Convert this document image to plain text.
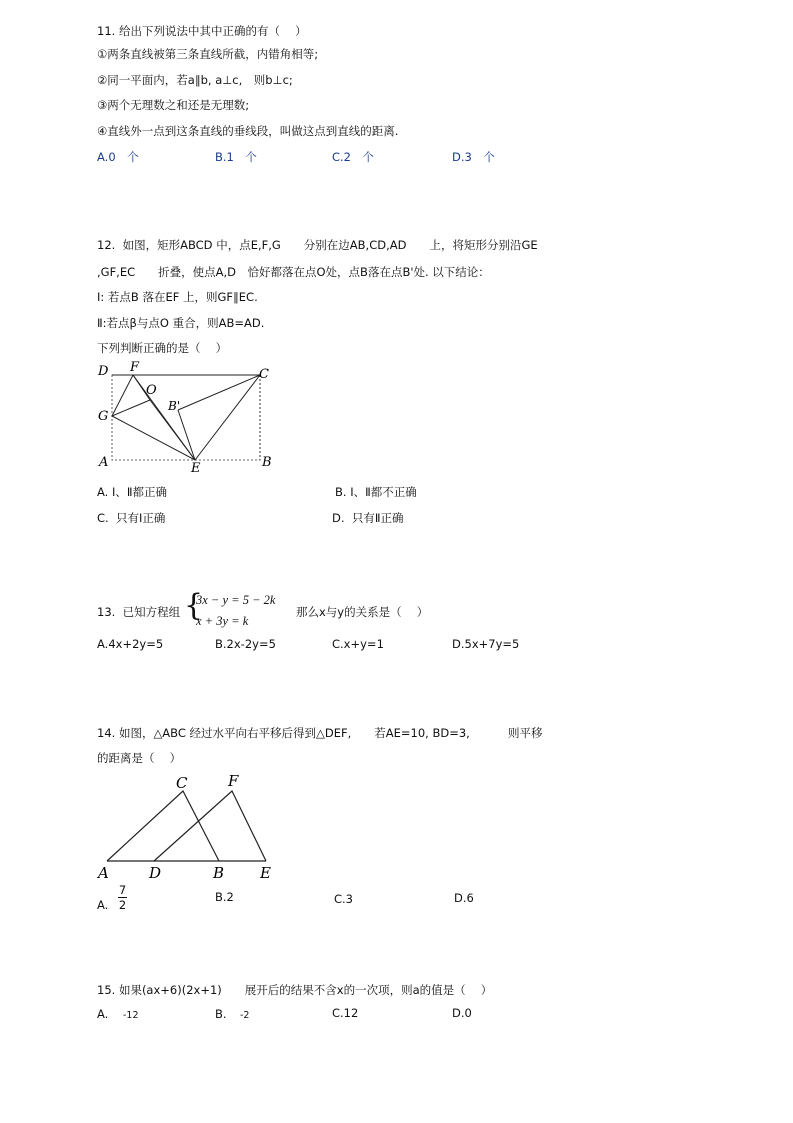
11. 给出下列说法中其中正确的有（　 ）
①两条直线被第三条直线所截，内错角相等;
②同一平面内，若a∥b, a⊥c,　则b⊥c;
③两个无理数之和还是无理数;
④直线外一点到这条直线的垂线段，叫做这点到直线的距离.
A.0　个	B.1　个	C.2　个	D.3　个
12.  如图，矩形ABCD 中，点E,F,G　　分别在边AB,CD,AD　　上，将矩形分别沿GE
,GF,EC　　折叠，使点A,D　恰好都落在点O处，点B落在点B'处. 以下结论：
Ⅰ: 若点B 落在EF 上，则GF∥EC.
Ⅱ:若点β与点O 重合，则AB=AD.
下列判断正确的是（　 ）
D F
O
C
B'
G
A	E	B
A. Ⅰ、Ⅱ都正确	B. Ⅰ、Ⅱ都不正确
C.  只有Ⅰ正确	D.  只有Ⅱ正确
13.  已知方程组 {
3x − y = 5 − 2k
x + 3y = k
那么x与y的关系是（　 ）
A.4x+2y=5	B.2x-2y=5	C.x+y=1	D.5x+7y=5
14. 如图，△ABC 经过水平向右平移后得到△DEF,　　若AE=10, BD=3,　　　 则平移
的距离是（　 ）
C	F
A	D	B E
A.
7
2
B.2	C.3	D.6
15. 如果(ax+6)(2x+1)　　展开后的结果不含x的一次项，则a的值是（　 ）
A. -12	B. -2	C.12	D.0
